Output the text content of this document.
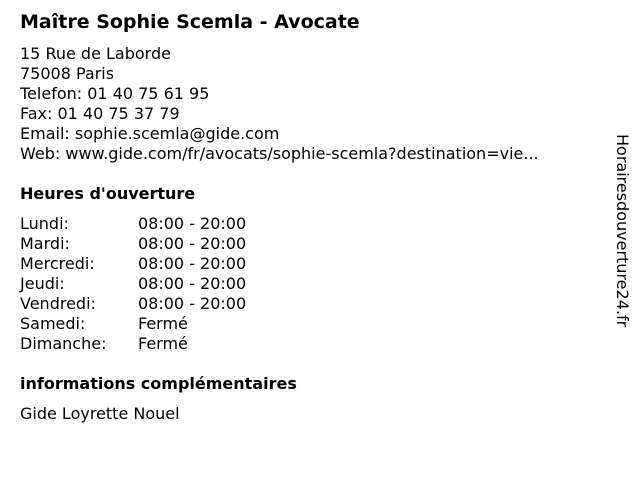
Maître Sophie Scemla - Avocate
15 Rue de Laborde
75008 Paris
Telefon: 01 40 75 61 95
Fax: 01 40 75 37 79
Email: sophie.scemla@gide.com
Web: www.gide.com/fr/avocats/sophie-scemla?destination=vie...
Heures d'ouverture
Lundi:	08:00 - 20:00
Mardi:	08:00 - 20:00
Mercredi:	08:00 - 20:00
Jeudi:	08:00 - 20:00
Vendredi:	08:00 - 20:00
Samedi:	Fermé
Dimanche: Fermé
informations complémentaires
Gide Loyrette Nouel
Horairesdouverture24.fr
